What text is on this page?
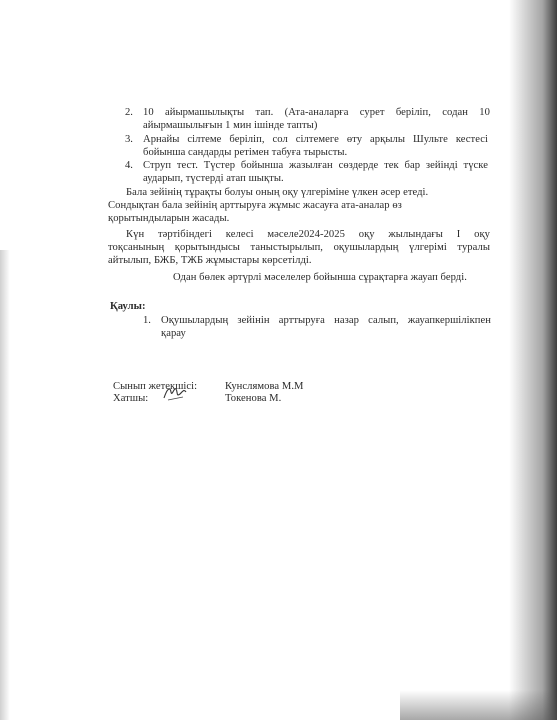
2. 10 айырмашылықты тап. (Ата-аналарға сурет беріліп, содан 10
айырмашылығын 1 мин ішінде тапты)
3. Арнайы сілтеме беріліп, сол сілтемеге өту арқылы Шульте кестесі
бойынша сандарды ретімен табуға тырысты.
4. Струп тест. Түстер бойынша жазылған сөздерде тек бар зейінді түске
аударып, түстерді атап шықты.
Бала зейінің тұрақты болуы оның оқу үлгеріміне үлкен әсер етеді.
Сондықтан бала зейінің арттыруға жұмыс жасауға ата-аналар өз
қорытындыларын жасады.
Күн тәртібіндегі келесі мәселе2024-2025 оқу жылындағы І оқу
тоқсанының қорытындысы таныстырылып, оқушылардың үлгерімі туралы
айтылып, БЖБ, ТЖБ жұмыстары көрсетілді.
Одан бөлек әртүрлі мәселелер бойынша сұрақтарға жауап берді.
Қаулы:
1. Оқушылардың зейінін арттыруға назар салып, жауапкершілікпен
қарау
Сынып жетекшісі:	Кунслямова М.М
Хатшы:	Токенова М.
